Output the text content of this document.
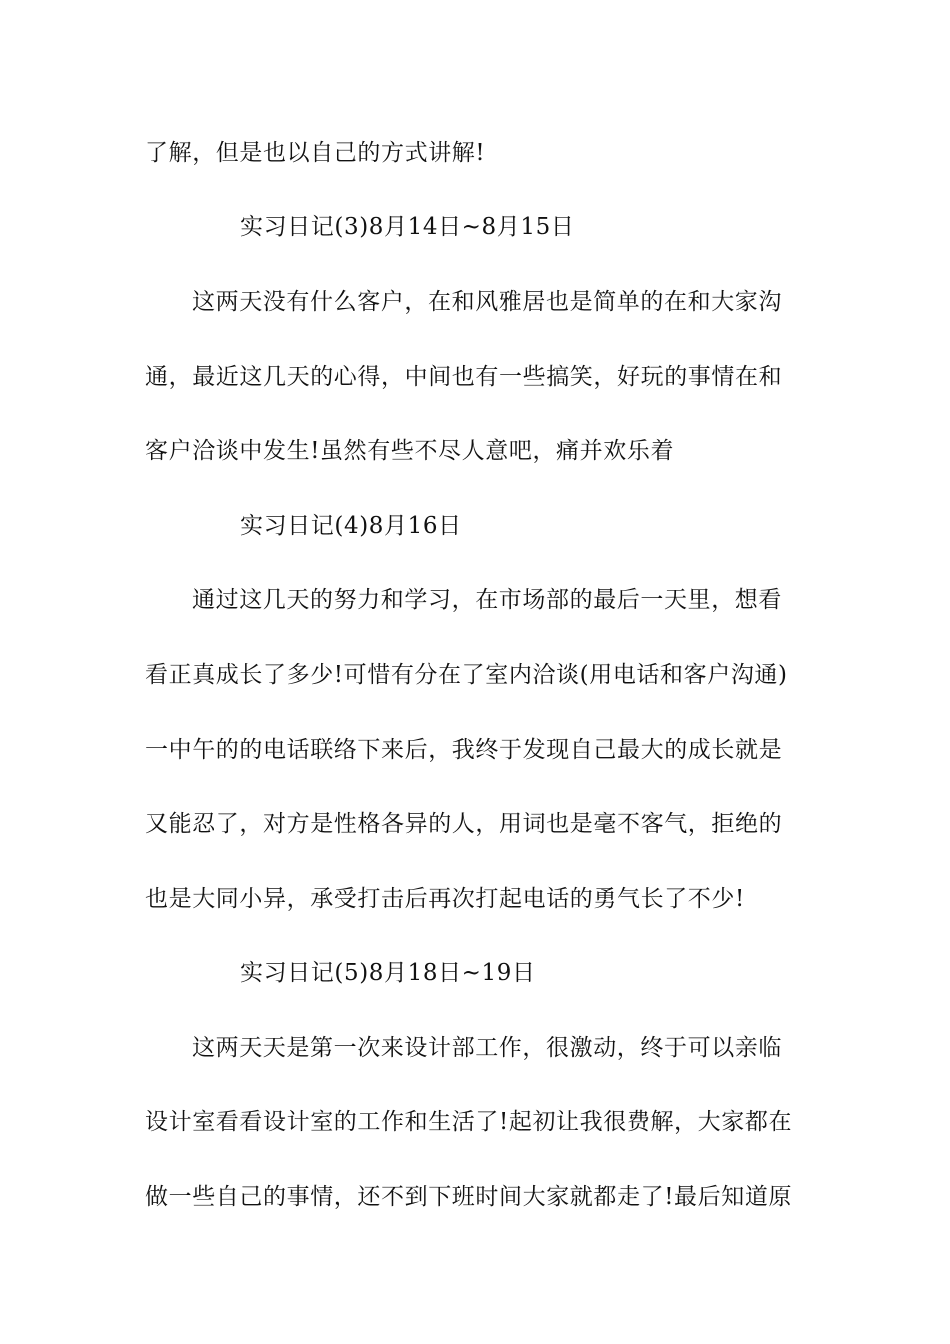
了解，但是也以自己的方式讲解!
实习日记(3)8月14日~8月15日
这两天没有什么客户，在和风雅居也是简单的在和大家沟
通，最近这几天的心得，中间也有一些搞笑，好玩的事情在和
客户洽谈中发生!虽然有些不尽人意吧，痛并欢乐着
实习日记(4)8月16日
通过这几天的努力和学习，在市场部的最后一天里，想看
看正真成长了多少!可惜有分在了室内洽谈(用电话和客户沟通)
一中午的的电话联络下来后，我终于发现自己最大的成长就是
又能忍了，对方是性格各异的人，用词也是毫不客气，拒绝的
也是大同小异，承受打击后再次打起电话的勇气长了不少!
实习日记(5)8月18日~19日
这两天天是第一次来设计部工作，很激动，终于可以亲临
设计室看看设计室的工作和生活了!起初让我很费解，大家都在
做一些自己的事情，还不到下班时间大家就都走了!最后知道原
